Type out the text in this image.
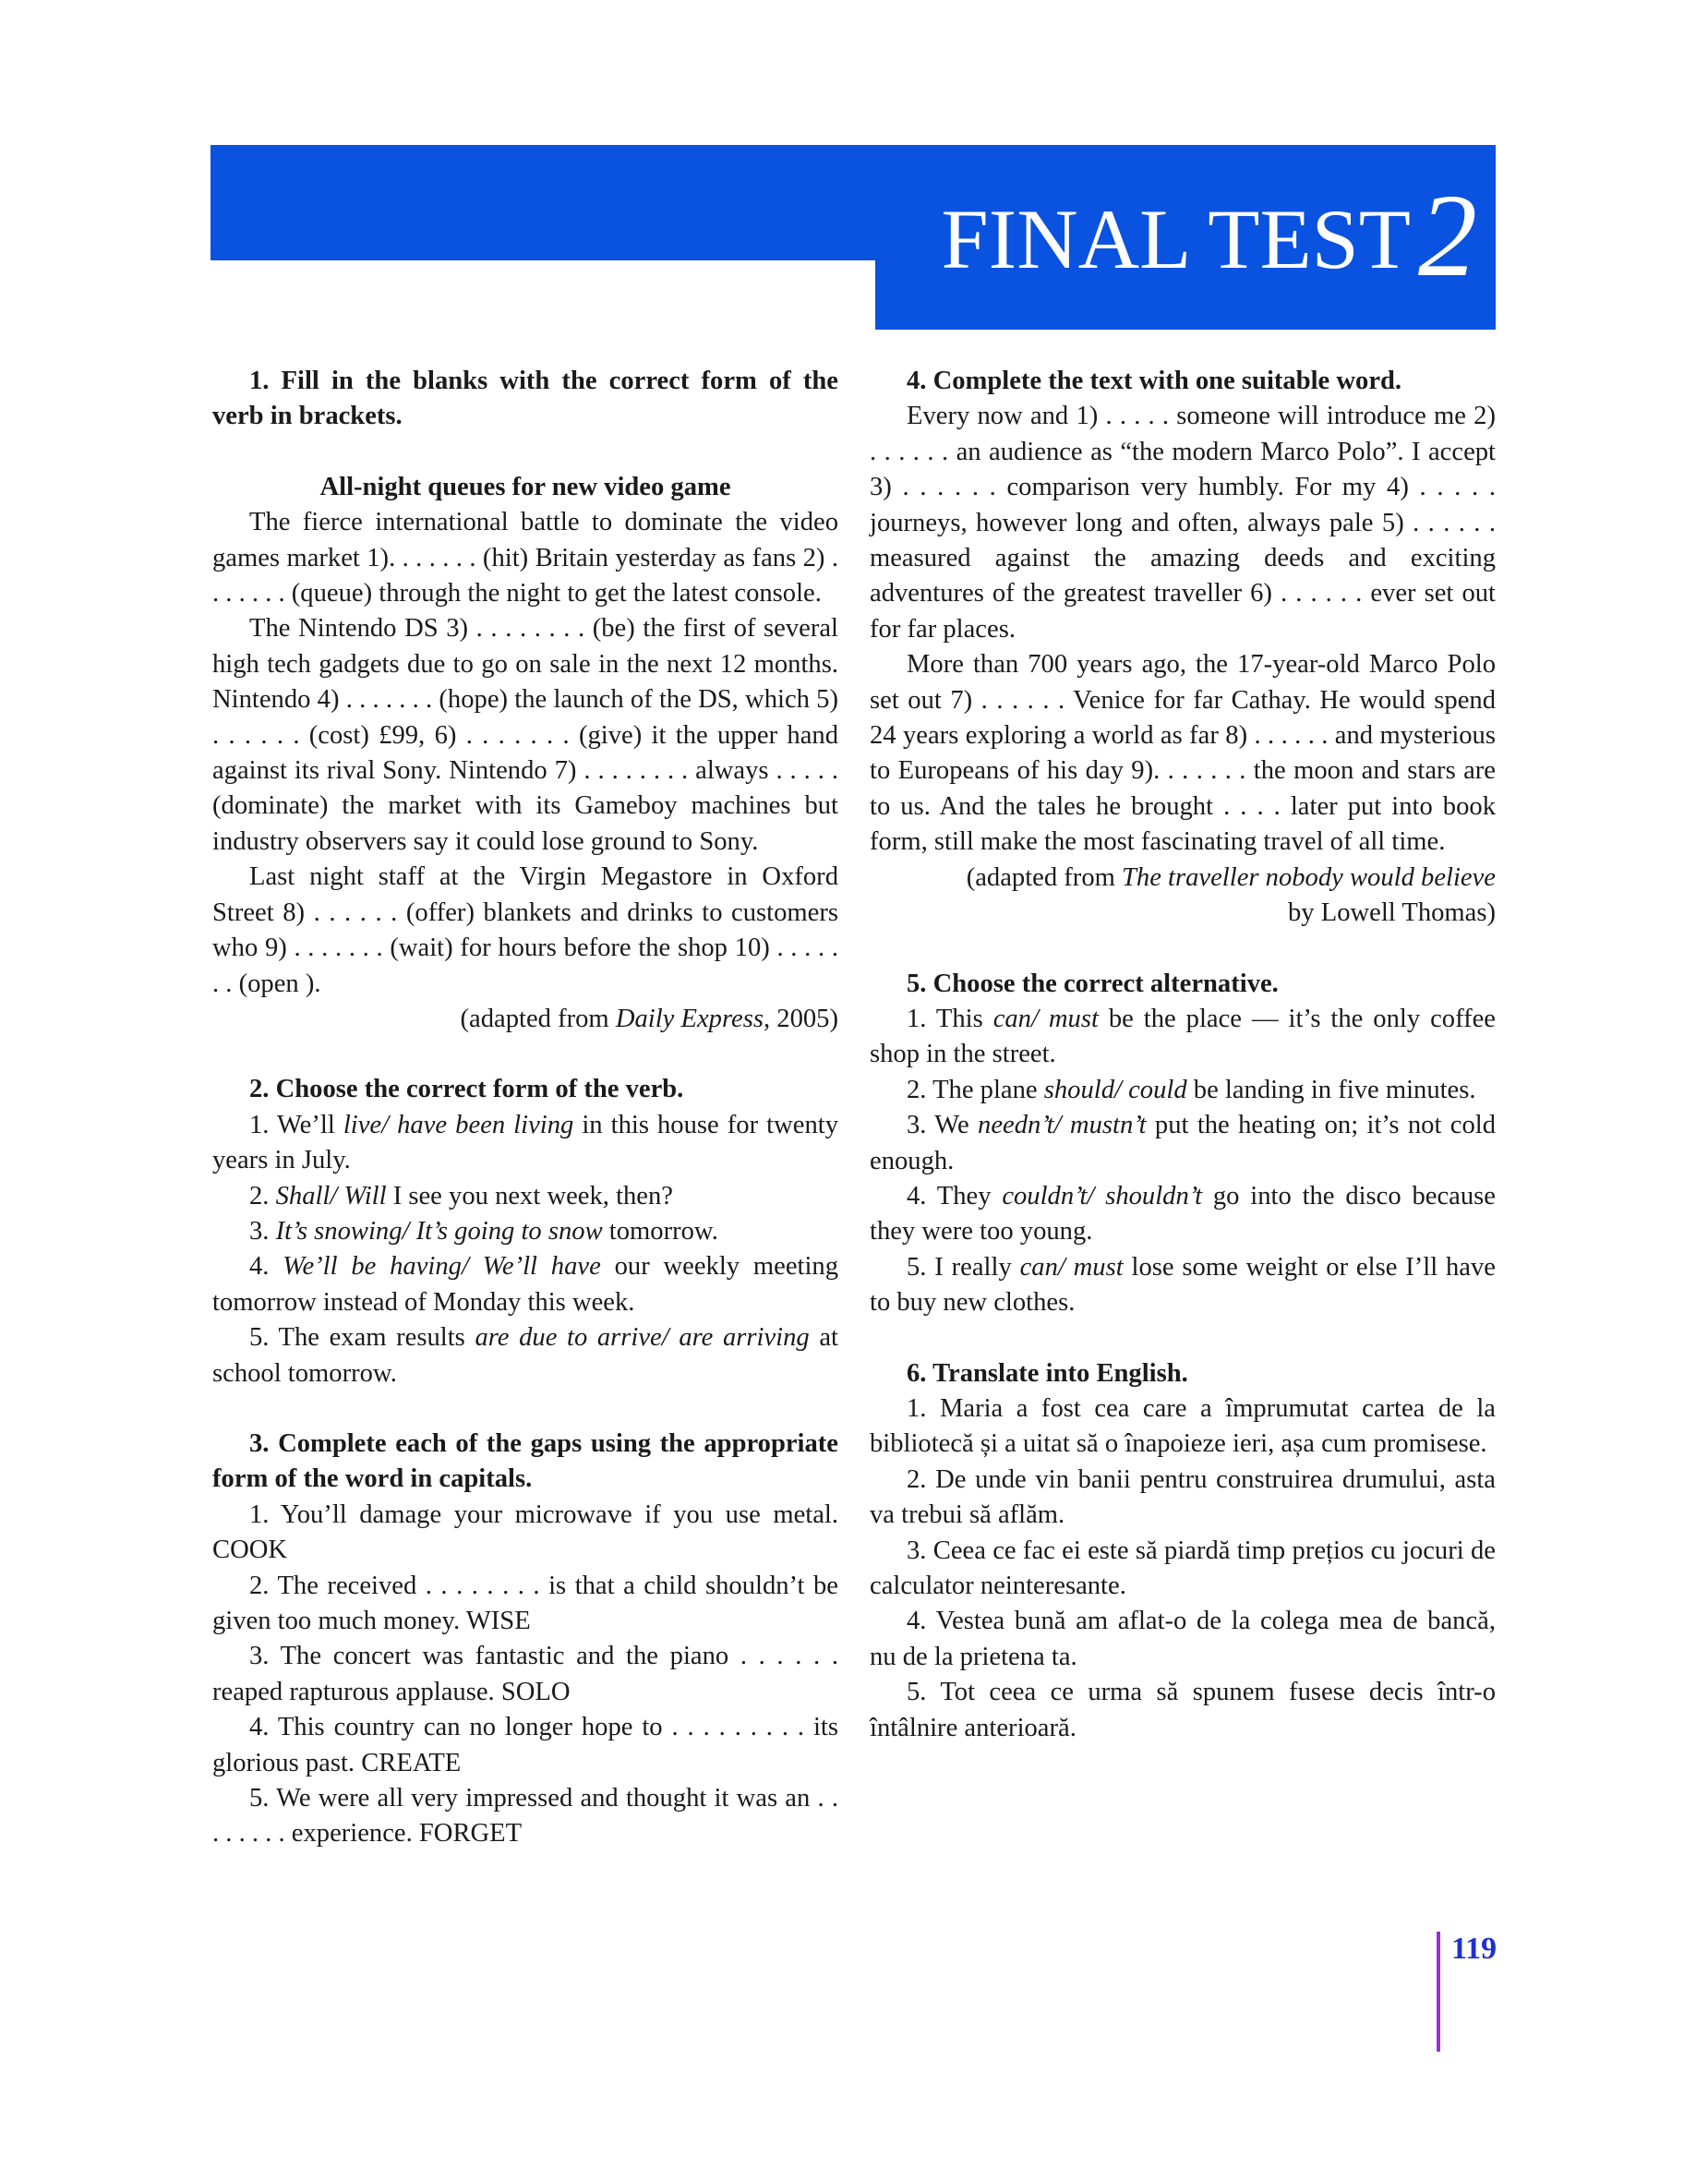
FINAL TEST2

1. Fill in the blanks with the correct form of the verb in brackets.

All-night queues for new video game

The fierce international battle to dominate the video games market 1). . . . . . . (hit) Britain yesterday as fans 2) . . . . . . . (queue) through the night to get the latest console.

The Nintendo DS 3) . . . . . . . . (be) the first of several high tech gadgets due to go on sale in the next 12 months. Nintendo 4) . . . . . . . (hope) the launch of the DS, which 5) . . . . . . (cost) £99, 6) . . . . . . . (give) it the upper hand against its rival Sony. Nintendo 7) . . . . . . . . always . . . . . (dominate) the market with its Gameboy machines but industry observers say it could lose ground to Sony.

Last night staff at the Virgin Megastore in Oxford Street 8) . . . . . . (offer) blankets and drinks to customers who 9) . . . . . . . (wait) for hours before the shop 10) . . . . . . . (open ).

(adapted from Daily Express, 2005)

2. Choose the correct form of the verb.

1. We’ll live/ have been living in this house for twenty years in July.

2. Shall/ Will I see you next week, then?

3. It’s snowing/ It’s going to snow tomorrow.

4. We’ll be having/ We’ll have our weekly meeting tomorrow instead of Monday this week.

5. The exam results are due to arrive/ are arriving at school tomorrow.

3. Complete each of the gaps using the appropriate form of the word in capitals.

1. You’ll damage your microwave if you use metal. COOK

2. The received . . . . . . . . is that a child shouldn’t be given too much money. WISE

3. The concert was fantastic and the piano . . . . . . reaped rapturous applause. SOLO

4. This country can no longer hope to . . . . . . . . . its glorious past. CREATE

5. We were all very impressed and thought it was an . . . . . . . . experience. FORGET

4. Complete the text with one suitable word.

Every now and 1) . . . . . someone will introduce me 2) . . . . . . an audience as “the modern Marco Polo”. I accept 3) . . . . . . comparison very humbly. For my 4) . . . . . journeys, however long and often, always pale 5) . . . . . . measured against the amazing deeds and exciting adventures of the greatest traveller 6) . . . . . . ever set out for far places.

More than 700 years ago, the 17-year-old Marco Polo set out 7) . . . . . . Venice for far Cathay. He would spend 24 years exploring a world as far 8) . . . . . . and mysterious to Europeans of his day 9). . . . . . . the moon and stars are to us. And the tales he brought . . . . later put into book form, still make the most fascinating travel of all time.

(adapted from The traveller nobody would believe

by Lowell Thomas)

5. Choose the correct alternative.

1. This can/ must be the place — it’s the only coffee shop in the street.

2. The plane should/ could be landing in five minutes.

3. We needn’t/ mustn’t put the heating on; it’s not cold enough.

4. They couldn’t/ shouldn’t go into the disco because they were too young.

5. I really can/ must lose some weight or else I’ll have to buy new clothes.

6. Translate into English.

1. Maria a fost cea care a împrumutat cartea de la bibliotecă și a uitat să o înapoieze ieri, așa cum promisese.

2. De unde vin banii pentru construirea drumului, asta va trebui să aflăm.

3. Ceea ce fac ei este să piardă timp prețios cu jocuri de calculator neinteresante.

4. Vestea bună am aflat-o de la colega mea de bancă, nu de la prietena ta.

5. Tot ceea ce urma să spunem fusese decis într-o întâlnire anterioară.

119
